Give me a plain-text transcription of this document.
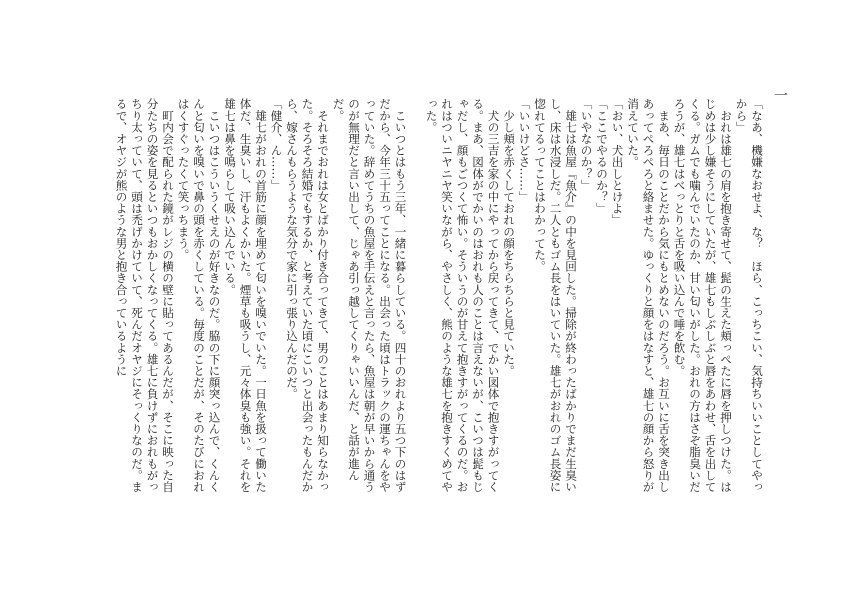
一

「なあ、機嫌なおせよ、な？　ほら、こっちこい、気持ちいいことしてやっから」

　おれは雄七の肩を抱き寄せて、髭の生えた頬っぺたに唇を押しつけた。はじめは少し嫌そうにしていたが、雄七もしぶしぶと唇をあわせ、舌を出してくる。ガムでも噛んでいたのか、甘い匂いがした。おれの方はさぞ脂臭いだろうが、雄七はべっとりと舌を吸い込んで唾を飲む。

　まあ、毎日のことだから気にもとめないのだろう。お互いに舌を突き出しあってぺろぺろと絡ませた。ゆっくりと顔をはなすと、雄七の顔から怒りが消えていた。

「おい、犬出しとけよ」

「ここでやるのか？」

「いやなのか？」

　雄七は魚屋『魚介』の中を見回した。掃除が終わったばかりでまだ生臭いし、床は水浸しだ。二人ともゴム長をはいていた。雄七がおれのゴム長姿に惚れてるってことはわかってた。

「いいけどさ……」

　少し頬を赤くしておれの顔をちらちらと見ていた。

　犬の三吉を家の中にやってから戻ってきて、でかい図体で抱きすがってくる。まあ、図体がでかいのはおれも人のことは言えないが、こいつは髭もじゃだし、顔もごつくて怖い。そういうのが甘えて抱きすがってくるのだ。おれはついニヤニヤ笑いながら、やさしく、熊のような雄七を抱きすくめてやった。

　こいつとはもう三年、一緒に暮らしている。四十のおれより五つ下のはずだから、今年三十五ってことになる。出会った頃はトラックの運ちゃんをやっていた。辞めてうちの魚屋を手伝えと言ったら、魚屋は朝が早いから通うのが無理だと言い出して、じゃあ引っ越してくりゃいいんだ、と話が進んだ。

　それまでおれは女とばかり付き合ってきて、男のことはあまり知らなかった。そろそろ結婚でもするか、と考えていた頃にこいつと出会ったもんだから、嫁さんもらうような気分で家に引っ張り込んだのだ。

「健介、ん……」

　雄七がおれの首筋に顔を埋めて匂いを嗅いでいた。一日魚を扱って働いた体だ、生臭いし、汗もよくかいた。煙草も吸うし、元々体臭も強い。それを雄七は鼻を鳴らして吸い込んでいる。

　こいつはこういうくせえのが好きなのだ。脇の下に顔突っ込んで、くんくんと匂いを嗅いで鼻の頭を赤くしている。毎度のことだが、そのたびにおれはくすぐったくて笑っちまう。

　町内会で配られた鏡がレジの横の壁に貼ってあるんだが、そこに映った自分たちの姿を見るといつもおかしくなってくる。雄七に負けずにおれもがっちり太っていて、頭は禿げかけていて、死んだオヤジにそっくりなのだ。まるで、オヤジが熊のような男と抱き合っているように
